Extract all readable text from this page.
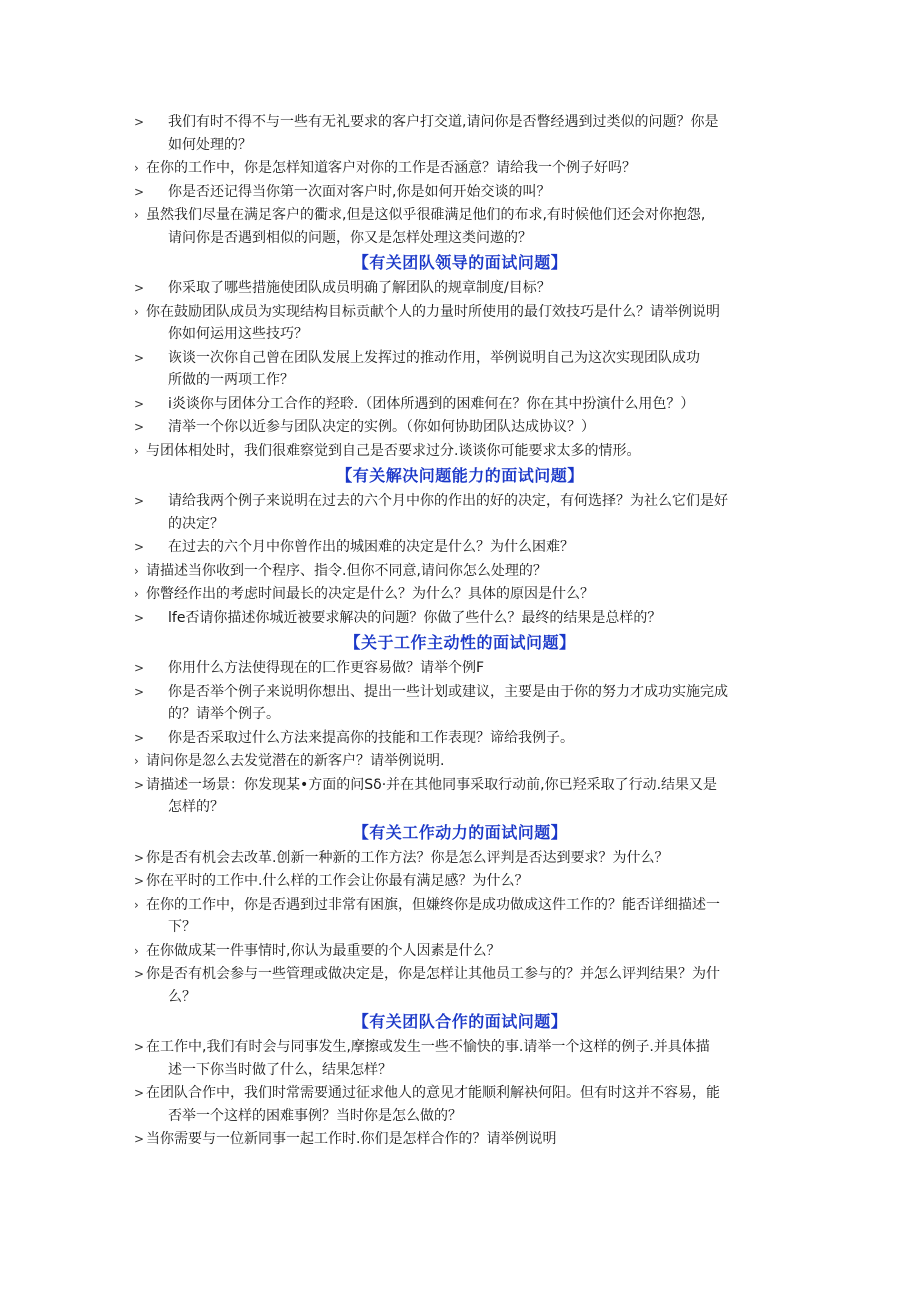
>	我们有时不得不与一些有无礼要求的客户打交道,请问你是否瞥经遇到过类似的问题？你是
如何处理的？
› 在你的工作中，你是怎样知道客户对你的工作是否涵意？请给我一个例子好吗？
>	你是否还记得当你第一次面对客户时,你是如何开始交谈的叫？
› 虽然我们尽量在满足客户的衢求,但是这似乎很碓满足他们的布求,有时候他们还会对你抱怨,
请问你是否遇到相似的问题，你又是怎样处理这类问遨的？
【有关团队领导的面试问题】
>	你采取了哪些措施使团队成员明确了解团队的规章制度/目标？
› 你在鼓励团队成员为实现结构目标贡献个人的力量时所使用的最仃效技巧是什么？请举例说明
你如何运用这些技巧？
>	诙谈一次你自己曾在团队发展上发挥过的推动作用，举例说明自己为这次实现团队成功
所做的一两项工作？
>	i炎谈你与团体分工合作的羟聆.（团体所遇到的困难何在？你在其中扮演什么用色？）
>	清举一个你以近参与团队决定的实例。（你如何协助团队达成协议？）
› 与团体相处时，我们很难察觉到自己是否要求过分.谈谈你可能要求太多的情形。
【有关解决问题能力的面试问题】
>	请给我两个例子来说明在过去的六个月中你的作出的好的决定，有何选择？为社么它们是好
的决定？
>	在过去的六个月中你曾作出的城困难的决定是什么？为什么困难？
› 请描述当你收到一个程序、指令.但你不同意,请问你怎么处理的？
› 你瞥经作出的考虑时间最长的决定是什么？为什么？具体的原因是什么？
>	lfe否请你描述你城近被要求解决的问题？你做了些什么？最终的结果是总样的？
【关于工作主动性的面试问题】
>	你用什么方法使得现在的匚作更容易做？请举个例F
>	你是否举个例子来说明你想出、提出一些计划或建议，主要是由于你的努力才成功实施完成
的？请举个例子。
>	你是否采取过什么方法来提高你的技能和工作表现？谛给我例子。
› 请问你是忽么去发觉潜在的新客户？请举例说明.
> 请描述一场景：你发现某•方面的问Sδ·并在其他同事采取行动前,你已羟采取了行动.结果又是
怎样的？
【有关工作动力的面试问题】
> 你是否有机会去改革.创新一种新的工作方法？你是怎么评判是否达到要求？为什么？
> 你在平时的工作中.什么样的工作会让你最有满足感？为什么？
› 在你的工作中，你是否遇到过非常有困旗，但嫌终你是成功做成这件工作的？能否详细描述一
下？
› 在你做成某一件事情时,你认为最重要的个人因素是什么？
> 你是否有机会参与一些管理或做决定是，你是怎样让其他员工参与的？并怎么评判结果？为什
么？
【有关团队合作的面试问题】
> 在工作中,我们有时会与同事发生,摩擦或发生一些不愉快的事.请举一个这样的例子.并具体描
述一下你当时做了什么，结果怎样？
> 在团队合作中，我们时常需要通过征求他人的意见才能顺利解袂何阳。但有时这并不容易，能
否举一个这样的困难事例？当时你是怎么做的？
> 当你需要与一位新同事一起工作时.你们是怎样合作的？请举例说明
